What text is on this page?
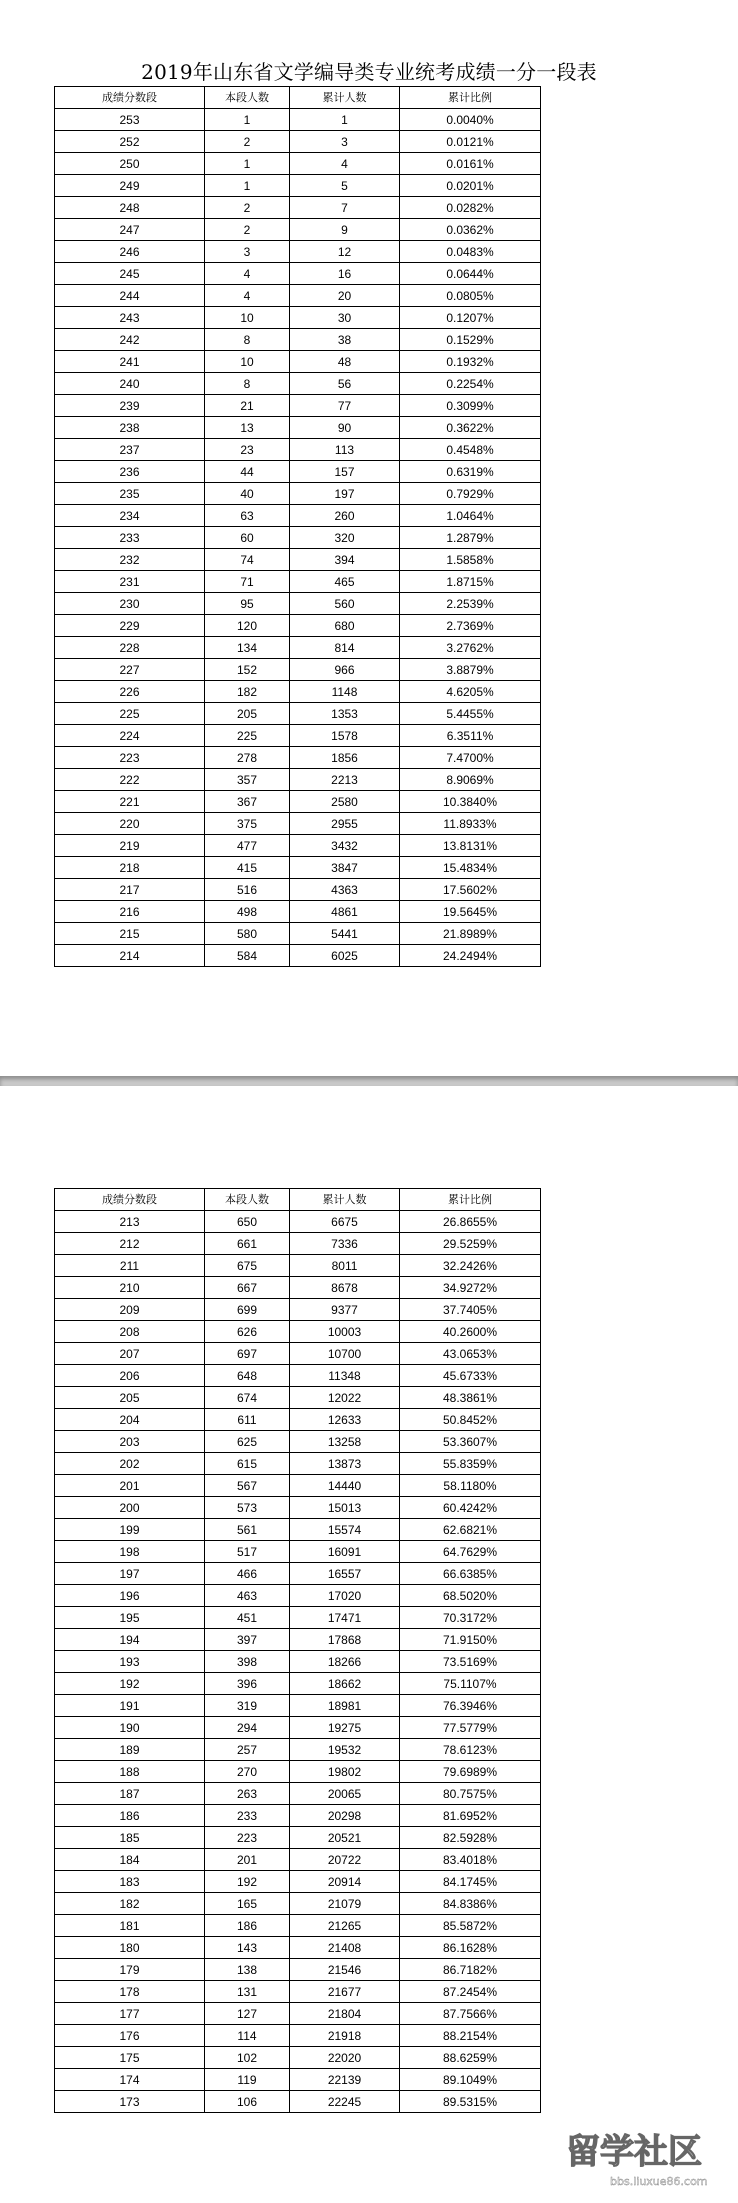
2019年山东省文学编导类专业统考成绩一分一段表
成绩分数段	本段人数	累计人数	累计比例
253	1	1	0.0040%
252	2	3	0.0121%
250	1	4	0.0161%
249	1	5	0.0201%
248	2	7	0.0282%
247	2	9	0.0362%
246	3	12	0.0483%
245	4	16	0.0644%
244	4	20	0.0805%
243	10	30	0.1207%
242	8	38	0.1529%
241	10	48	0.1932%
240	8	56	0.2254%
239	21	77	0.3099%
238	13	90	0.3622%
237	23	113	0.4548%
236	44	157	0.6319%
235	40	197	0.7929%
234	63	260	1.0464%
233	60	320	1.2879%
232	74	394	1.5858%
231	71	465	1.8715%
230	95	560	2.2539%
229	120	680	2.7369%
228	134	814	3.2762%
227	152	966	3.8879%
226	182	1148	4.6205%
225	205	1353	5.4455%
224	225	1578	6.3511%
223	278	1856	7.4700%
222	357	2213	8.9069%
221	367	2580	10.3840%
220	375	2955	11.8933%
219	477	3432	13.8131%
218	415	3847	15.4834%
217	516	4363	17.5602%
216	498	4861	19.5645%
215	580	5441	21.8989%
214	584	6025	24.2494%
成绩分数段	本段人数	累计人数	累计比例
213	650	6675	26.8655%
212	661	7336	29.5259%
211	675	8011	32.2426%
210	667	8678	34.9272%
209	699	9377	37.7405%
208	626	10003	40.2600%
207	697	10700	43.0653%
206	648	11348	45.6733%
205	674	12022	48.3861%
204	611	12633	50.8452%
203	625	13258	53.3607%
202	615	13873	55.8359%
201	567	14440	58.1180%
200	573	15013	60.4242%
199	561	15574	62.6821%
198	517	16091	64.7629%
197	466	16557	66.6385%
196	463	17020	68.5020%
195	451	17471	70.3172%
194	397	17868	71.9150%
193	398	18266	73.5169%
192	396	18662	75.1107%
191	319	18981	76.3946%
190	294	19275	77.5779%
189	257	19532	78.6123%
188	270	19802	79.6989%
187	263	20065	80.7575%
186	233	20298	81.6952%
185	223	20521	82.5928%
184	201	20722	83.4018%
183	192	20914	84.1745%
182	165	21079	84.8386%
181	186	21265	85.5872%
180	143	21408	86.1628%
179	138	21546	86.7182%
178	131	21677	87.2454%
177	127	21804	87.7566%
176	114	21918	88.2154%
175	102	22020	88.6259%
174	119	22139	89.1049%
173	106	22245	89.5315%
留学社区
bbs.liuxue86.com
